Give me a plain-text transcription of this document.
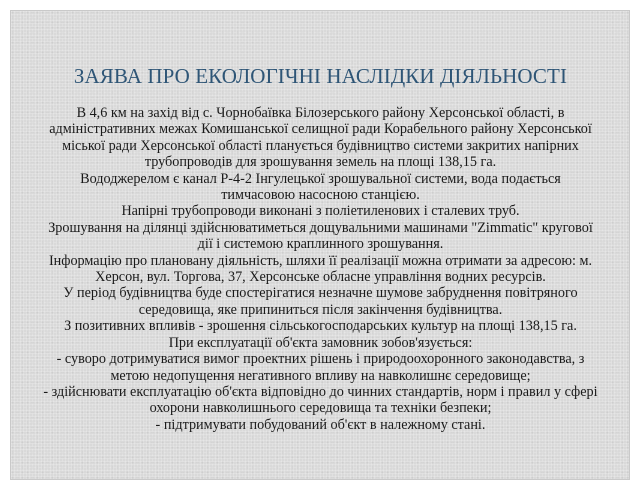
ЗАЯВА ПРО ЕКОЛОГІЧНІ НАСЛІДКИ ДІЯЛЬНОСТІ
В 4,6 км на захід від с. Чорнобаївка Білозерського району Херсонської області, в
адміністративних межах Комишанської селищної ради Корабельного району Херсонської
міської ради Херсонської області планується будівництво системи закритих напірних
трубопроводів для зрошування земель на площі 138,15 га.
Вододжерелом є канал Р-4-2 Інгулецької зрошувальної системи, вода подається
тимчасовою насосною станцією.
Напірні трубопроводи виконані з поліетиленових і сталевих труб.
Зрошування на ділянці здійснюватиметься дощувальними машинами "Zimmatic" кругової
дії і системою краплинного зрошування.
Інформацію про плановану діяльність, шляхи її реалізації можна отримати за адресою: м.
Херсон, вул. Торгова, 37, Херсонське обласне управління водних ресурсів.
У період будівництва буде спостерігатися незначне шумове забруднення повітряного
середовища, яке припиниться після закінчення будівництва.
З позитивних впливів - зрошення сільськогосподарських культур на площі 138,15 га.
При експлуатації об'єкта замовник зобов'язується:
- суворо дотримуватися вимог проектних рішень і природоохоронного законодавства, з
метою недопущення негативного впливу на навколишнє середовище;
- здійснювати експлуатацію об'єкта відповідно до чинних стандартів, норм і правил у сфері
охорони навколишнього середовища та техніки безпеки;
- підтримувати побудований об'єкт в належному стані.
